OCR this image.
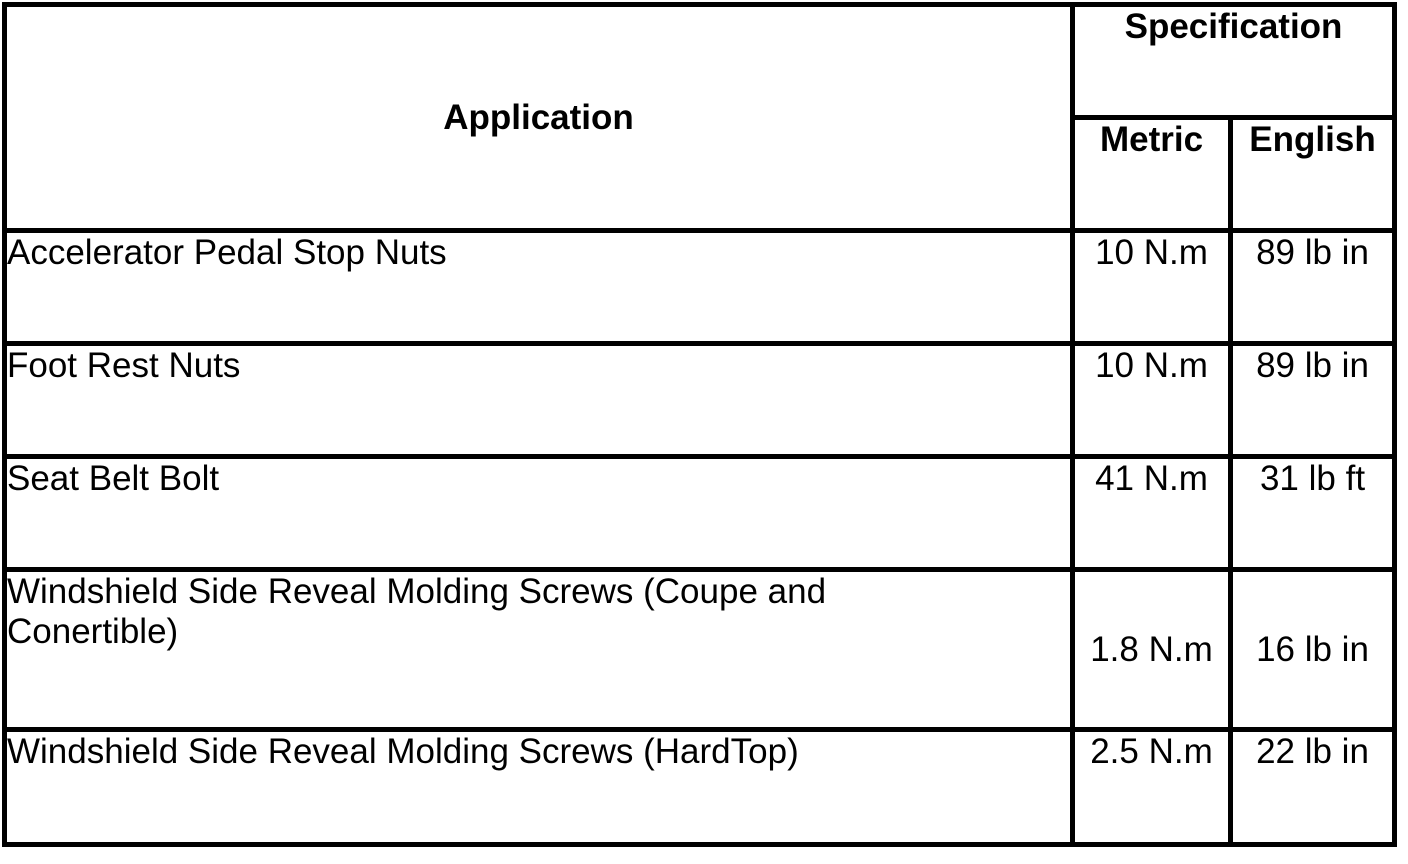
Application	Specification	
	Metric	English
Accelerator Pedal Stop Nuts	10 N.m	89 lb in
Foot Rest Nuts	10 N.m	89 lb in
Seat Belt Bolt	41 N.m	31 lb ft
Windshield Side Reveal Molding Screws (Coupe and Conertible)	1.8 N.m	16 lb in
Windshield Side Reveal Molding Screws (HardTop)	2.5 N.m	22 lb in
